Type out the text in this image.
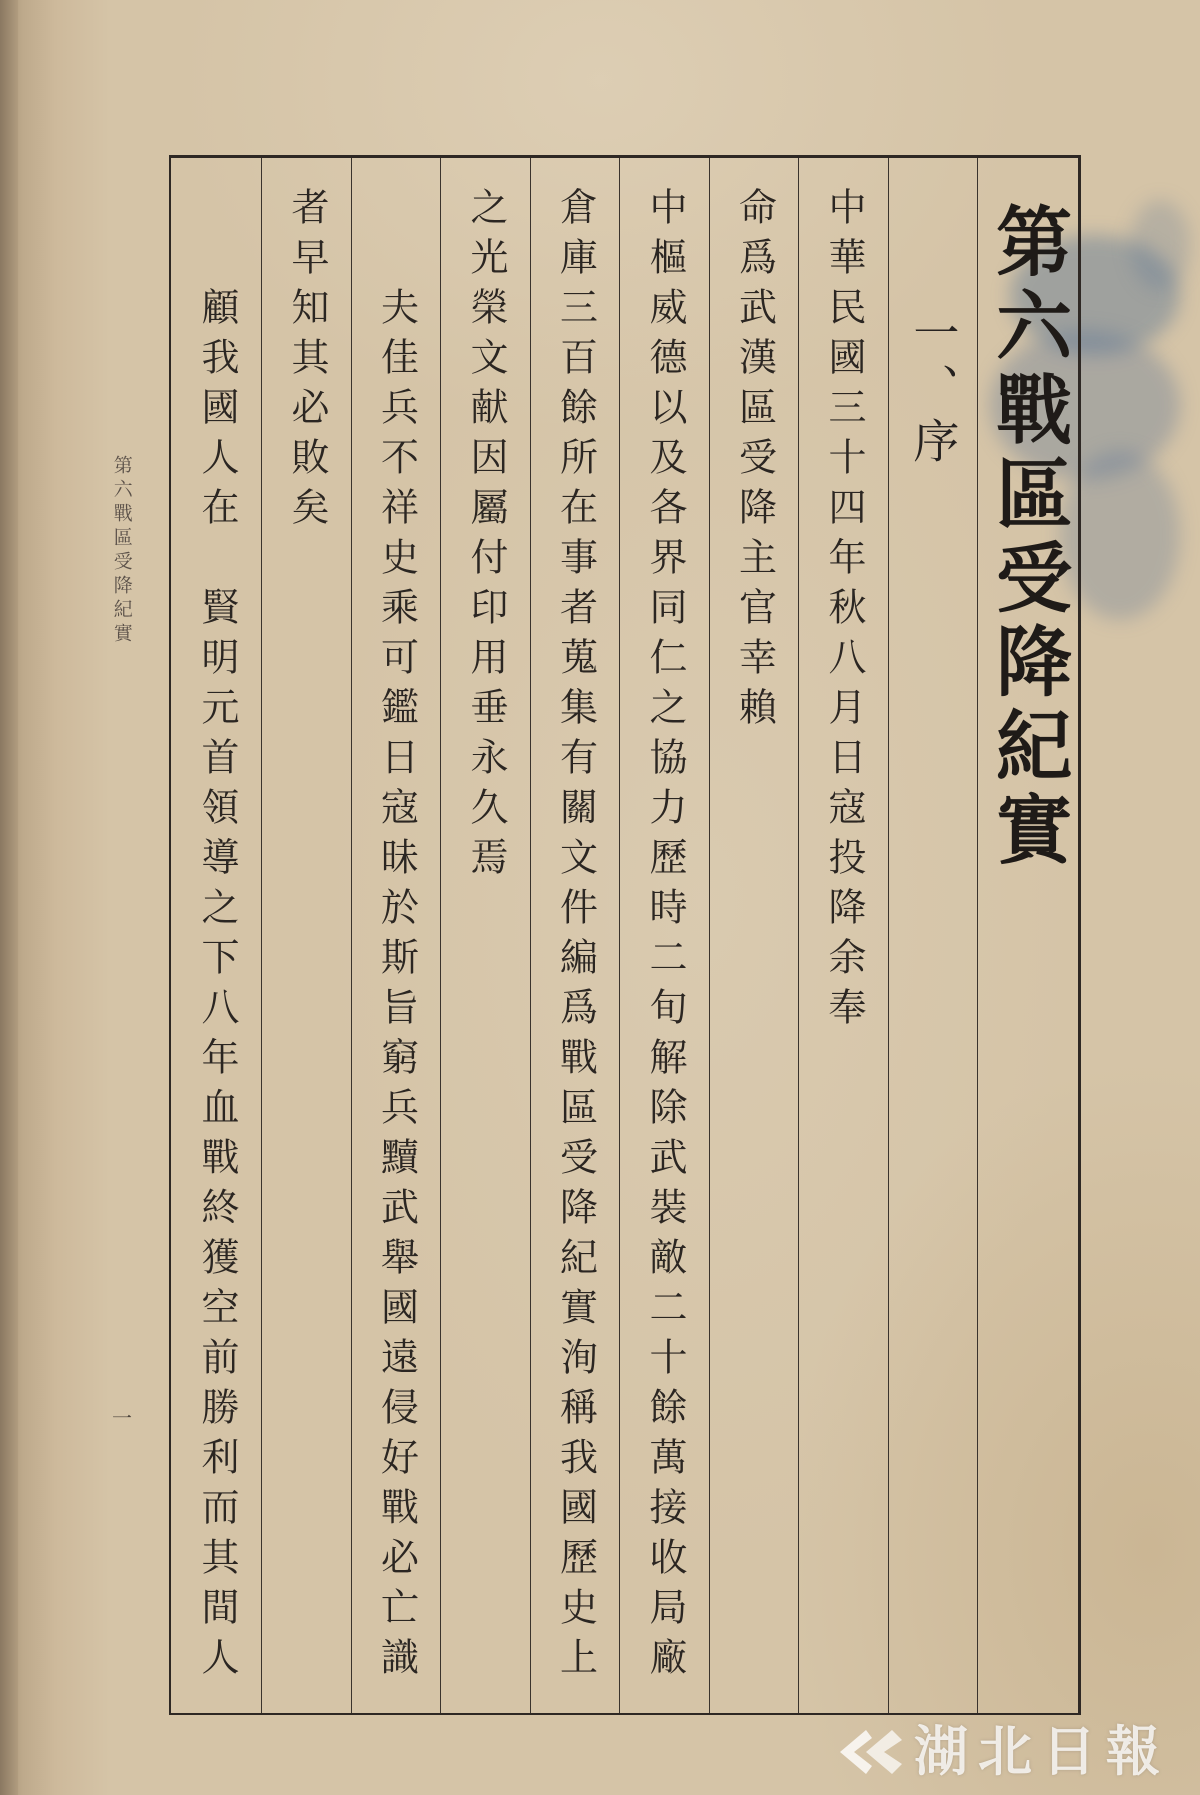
第六戰區受降紀實
一
第六戰區受降紀實
一、序
中華民國三十四年秋八月日寇投降余奉
命爲武漢區受降主官幸賴
中樞威德以及各界同仁之協力歷時二旬解除武裝敵二十餘萬接收局廠
倉庫三百餘所在事者蒐集有關文件編爲戰區受降紀實洵稱我國歷史上
之光榮文献因屬付印用垂永久焉
夫佳兵不祥史乘可鑑日寇昧於斯旨窮兵黷武舉國遠侵好戰必亡識
者早知其必敗矣
顧我國人在
賢明元首領導之下八年血戰終獲空前勝利而其間人
湖北日報
